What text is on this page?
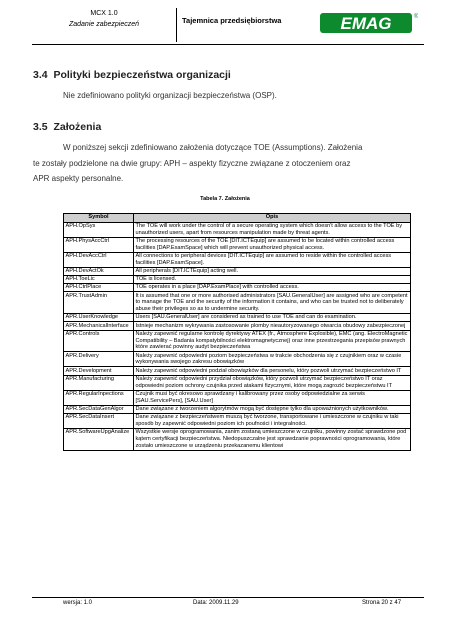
MCX 1.0
Zadanie zabezpieczeń	Tajemnica przedsiębiorstwa	EMAG	®
3.4 Polityki bezpieczeństwa organizacji

Nie zdefiniowano polityki organizacji bezpieczeństwa (OSP).

3.5 Założenia
W poniższej sekcji zdefiniowano założenia dotyczące TOE (Assumptions). Założenia
te zostały podzielone na dwie grupy: APH – aspekty fizyczne związane z otoczeniem oraz
APR aspekty personalne.
Tabela 7. Założenia
Symbol	Opis
APH.OpSys	The TOE will work under the control of a secure operating system which doesn't allow access to the TOE by unauthorized users, apart from resources manipulation made by threat agents.
APH.PhysAccCtrl	The processing resources of the TOE [DIT.ICTEquip] are assumed to be located within controlled access facilities [DAP.ExamSpace] which will prevent unauthorized physical access.
APH.DevAccCtrl	All connections to peripheral devices [DIT.ICTEquip] are assumed to reside within the controlled access facilities [DAP.ExamSpace].
APH.DevActOk	All peripherals [DIT.ICTEquip] acting well.
APH.ToeLic	TOE is licensed.
APH.CtrlPlace	TOE operates in a place [DAP.ExamPlace] with controlled access.
APR.TrustAdmin	It is assumed that one or more authorised administrators [SAU.GeneralUser] are assigned who are competent to manage the TOE and the security of the information it contains, and who can be trusted not to deliberately abuse their privileges so as to undermine security.
APR.UserKnowledge	Users [SAU.GeneralUser] are considered as trained to use TOE and can do examination.
APR.MechanicalInterface	Istnieje mechanizm wykrywania zastosowanie plomby nieautoryzowanego otwarcia obudowy zabezpieczonej
APR.Controls	Należy zapewnić regularne kontrolę dyrektywy ATEX (fr., Atmosphere Explosible), EMC (ang. ElectroMagnetic Compatibility – Badania kompatybilności elektromagnetycznej) oraz inne przestrzegania przepisów prawnych które zawierać powinny audyt bezpieczeństwa
APR.Delivery	Należy zapewnić odpowiedni poziom bezpieczeństwa w trakcie obchodzenia się z czujnikiem oraz w czasie wykonywania swojego zakresu obowiązków
APR.Development	Należy zapewnić odpowiedni podział obowiązków dla personelu, który pozwoli utrzymać bezpieczeństwo IT
APR.Manufacturing	Należy zapewnić odpowiedni przydział obowiązków, który pozwoli utrzymać bezpieczeństwo IT oraz odpowiedni poziom ochrony czujnika przed atakami fizycznymi, które mogą zagrozić bezpieczeństwu IT
APR.RegularInpections	Czujnik musi być okresowo sprawdzany i kalibrowany przez osoby odpowiedzialne za serwis [SAU.ServicePers], [SAU.User]
APR.SecDataGenAlgor	Dane związane z tworzeniem algorytmów mogą być dostępne tylko dla upoważnionych użytkowników.
APR.SecDataInsert	Dane związane z bezpieczeństwem muszą być tworzone, transportowane i umieszczone w czujniku w taki sposób by zapewnić odpowiedni poziom ich poufności i integralności.
APR.SoftwareUpgAnalize	Wszystkie wersje oprogramowania, zanim zostaną umieszczone w czujniku, powinny zostać sprawdzone pod kątem certyfikacji bezpieczeństwa. Niedopuszczalne jest sprawdzanie poprawności oprogramowania, które zostało umieszczone w urządzeniu przekazanemu klientowi
wersja: 1.0	Data: 2009.11.29	Strona 20 z 47
